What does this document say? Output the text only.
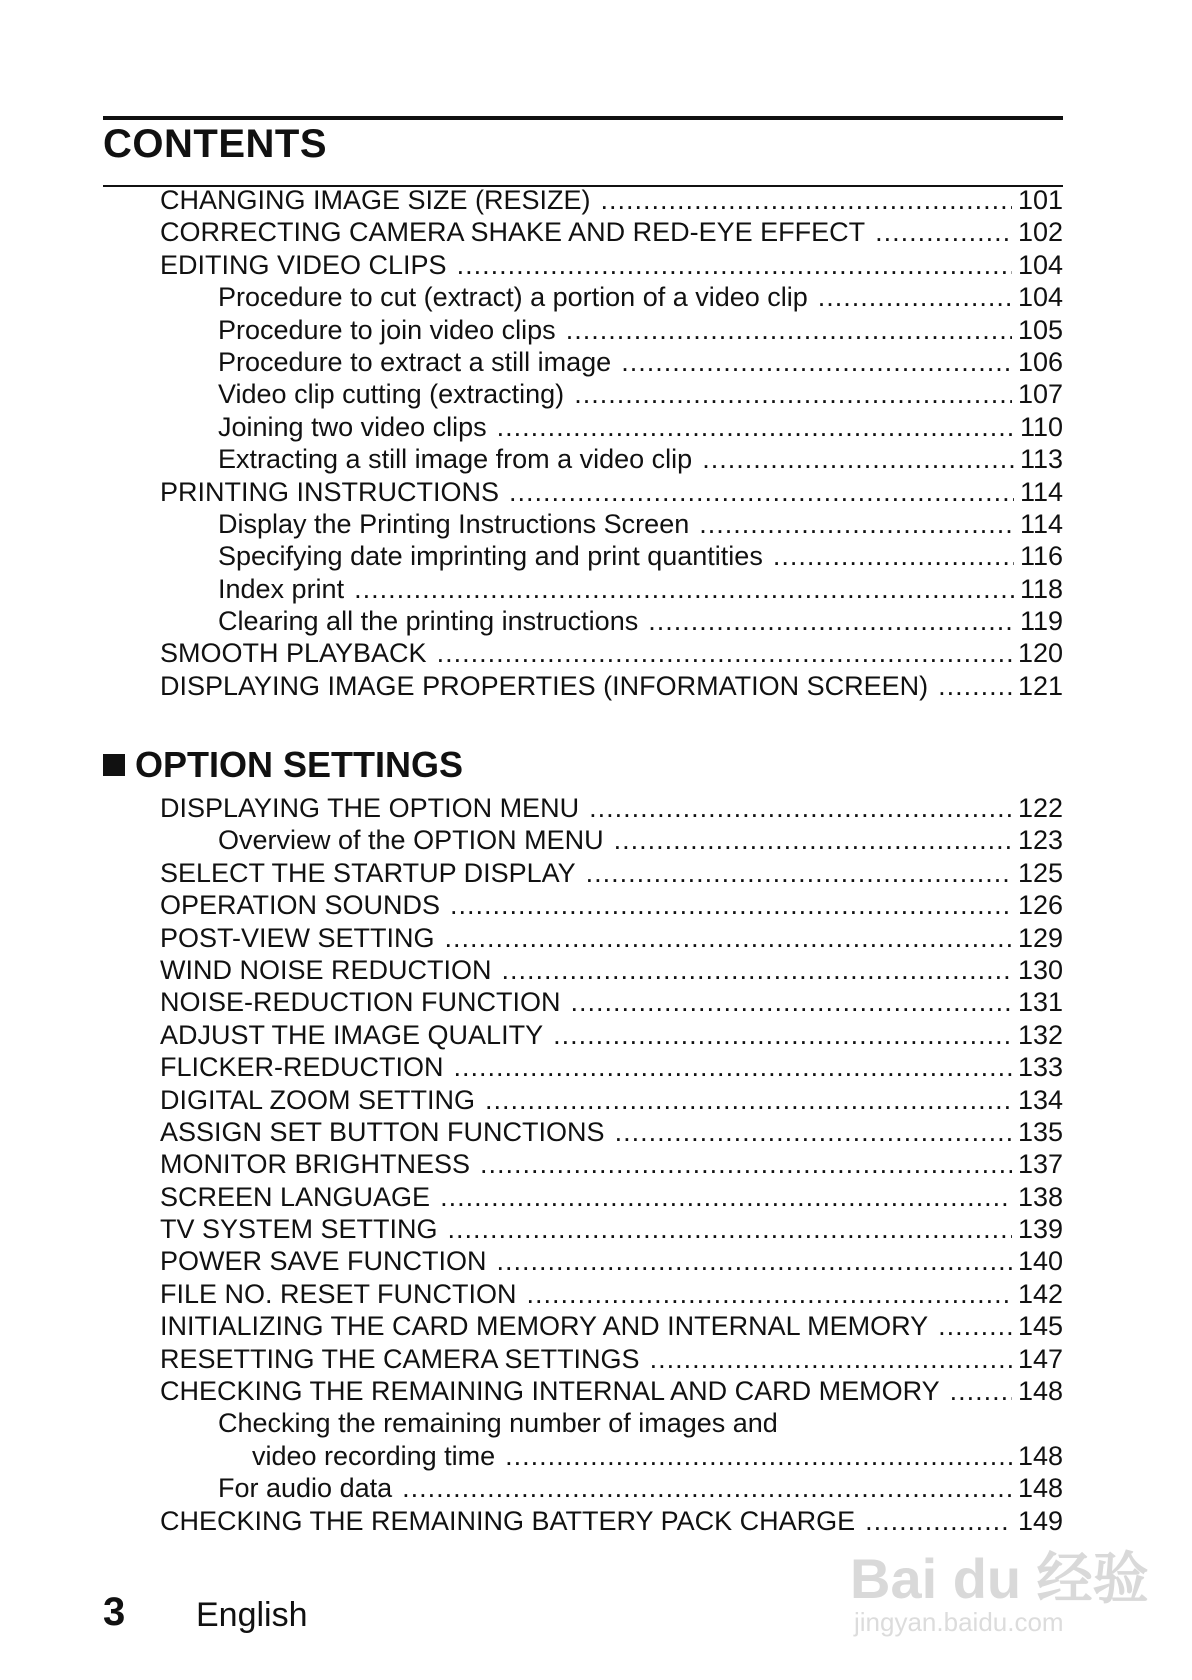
CONTENTS
CHANGING IMAGE SIZE (RESIZE) .....	101
CORRECTING CAMERA SHAKE AND RED-EYE EFFECT .....	102
EDITING VIDEO CLIPS .....	104
Procedure to cut (extract) a portion of a video clip .....	104
Procedure to join video clips .....	105
Procedure to extract a still image .....	106
Video clip cutting (extracting) .....	107
Joining two video clips .....	110
Extracting a still image from a video clip .....	113
PRINTING INSTRUCTIONS .....	114
Display the Printing Instructions Screen .....	114
Specifying date imprinting and print quantities .....	116
Index print .....	118
Clearing all the printing instructions .....	119
SMOOTH PLAYBACK .....	120
DISPLAYING IMAGE PROPERTIES (INFORMATION SCREEN) .....	121
OPTION SETTINGS
DISPLAYING THE OPTION MENU .....	122
Overview of the OPTION MENU .....	123
SELECT THE STARTUP DISPLAY .....	125
OPERATION SOUNDS .....	126
POST-VIEW SETTING .....	129
WIND NOISE REDUCTION .....	130
NOISE-REDUCTION FUNCTION .....	131
ADJUST THE IMAGE QUALITY .....	132
FLICKER-REDUCTION .....	133
DIGITAL ZOOM SETTING .....	134
ASSIGN SET BUTTON FUNCTIONS .....	135
MONITOR BRIGHTNESS .....	137
SCREEN LANGUAGE .....	138
TV SYSTEM SETTING .....	139
POWER SAVE FUNCTION .....	140
FILE NO. RESET FUNCTION .....	142
INITIALIZING THE CARD MEMORY AND INTERNAL MEMORY .....	145
RESETTING THE CAMERA SETTINGS .....	147
CHECKING THE REMAINING INTERNAL AND CARD MEMORY .....	148
Checking the remaining number of images and
video recording time .....	148
For audio data .....	148
CHECKING THE REMAINING BATTERY PACK CHARGE .....	149
3 English
Bai du 经验
jingyan.baidu.com
